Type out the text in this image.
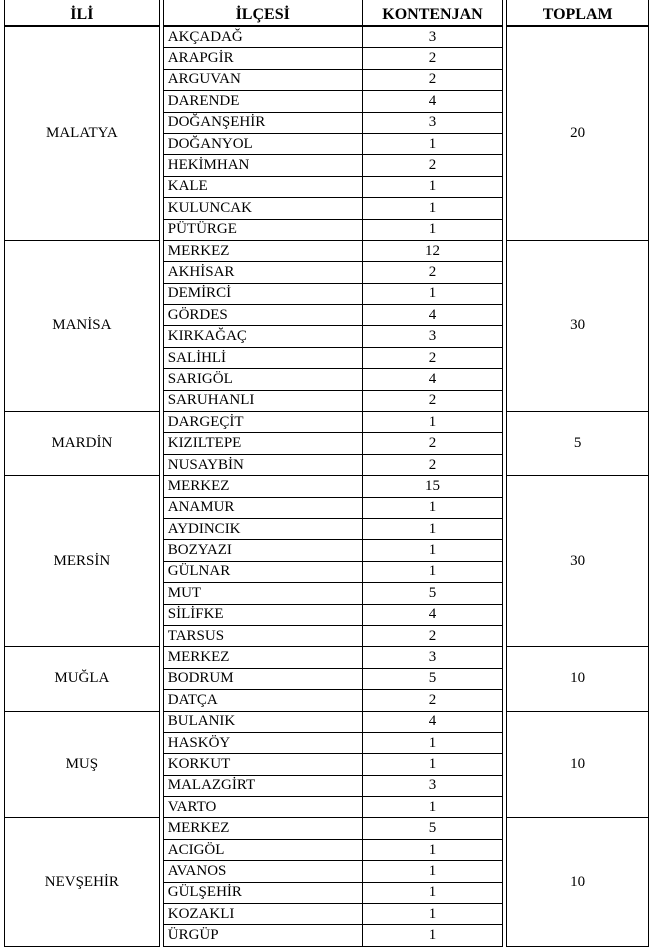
İLİ		İLÇESİ	KONTENJAN		TOPLAM
MALATYA		AKÇADAĞ	3		20
		ARAPGİR	2		
		ARGUVAN	2		
		DARENDE	4		
		DOĞANŞEHİR	3		
		DOĞANYOL	1		
		HEKİMHAN	2		
		KALE	1		
		KULUNCAK	1		
		PÜTÜRGE	1		
MANİSA		MERKEZ	12		30
		AKHİSAR	2		
		DEMİRCİ	1		
		GÖRDES	4		
		KIRKAĞAÇ	3		
		SALİHLİ	2		
		SARIGÖL	4		
		SARUHANLI	2		
MARDİN		DARGEÇİT	1		5
		KIZILTEPE	2		
		NUSAYBİN	2		
MERSİN		MERKEZ	15		30
		ANAMUR	1		
		AYDINCIK	1		
		BOZYAZI	1		
		GÜLNAR	1		
		MUT	5		
		SİLİFKE	4		
		TARSUS	2		
MUĞLA		MERKEZ	3		10
		BODRUM	5		
		DATÇA	2		
MUŞ		BULANIK	4		10
		HASKÖY	1		
		KORKUT	1		
		MALAZGİRT	3		
		VARTO	1		
NEVŞEHİR		MERKEZ	5		10
		ACIGÖL	1		
		AVANOS	1		
		GÜLŞEHİR	1		
		KOZAKLI	1		
		ÜRGÜP	1		
